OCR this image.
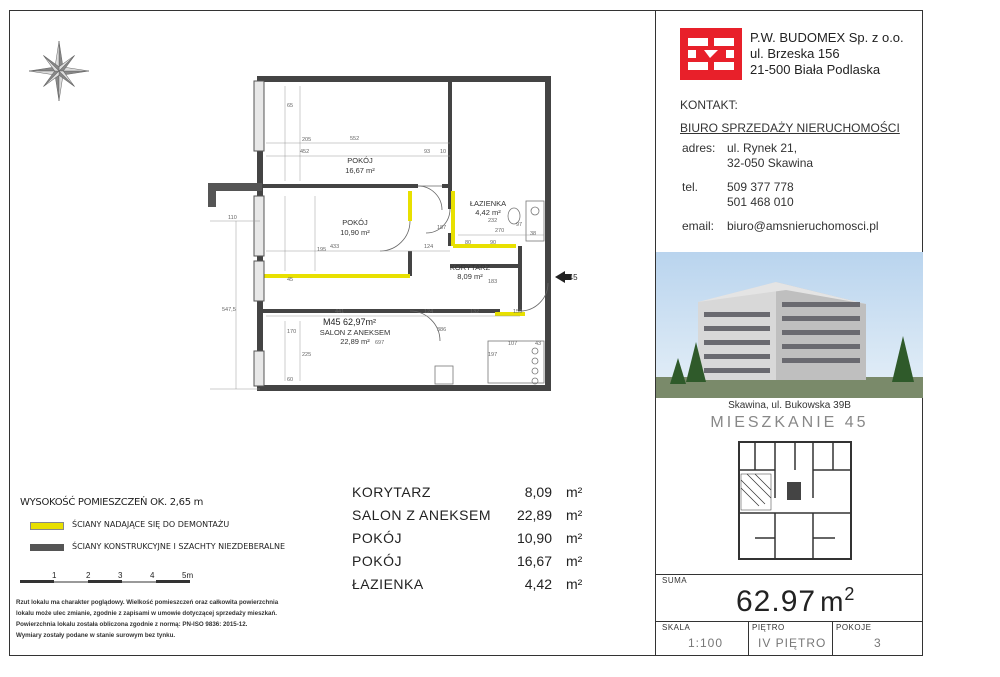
POKÓJ
16,67 m²
POKÓJ
10,90 m²
ŁAZIENKA
4,42 m²
KORYTARZ
8,09 m²
SALON Z ANEKSEM
22,89 m²
M45 62,97m²
M45
552
452	93 10
433	124
441	124	132	150
107	43
232
270
90
80
697
547,5
110
187
386
183
197
65
205
45
195
60
170
225
38
97
WYSOKOŚĆ POMIESZCZEŃ OK. 2,65 m
ŚCIANY NADAJĄCE SIĘ DO DEMONTAŻU
ŚCIANY KONSTRUKCYJNE I SZACHTY NIEZDEBERALNE
1	2	3	4	5m
Rzut lokalu ma charakter poglądowy. Wielkość pomieszczeń oraz całkowita powierzchnia
lokalu może ulec zmianie, zgodnie z zapisami w umowie dotyczącej sprzedaży mieszkań.
Powierzchnia lokalu została obliczona zgodnie z normą: PN-ISO 9836: 2015-12.
Wymiary zostały podane w stanie surowym bez tynku.
KORYTARZ	8,09 m²
SALON Z ANEKSEM	22,89 m²
POKÓJ	10,90 m²
POKÓJ	16,67 m²
ŁAZIENKA	4,42 m²
P.W. BUDOMEX Sp. z o.o.
ul. Brzeska 156
21-500 Biała Podlaska
KONTAKT:
BIURO SPRZEDAŻY NIERUCHOMOŚCI
adres: ul. Rynek 21,
32-050 Skawina
tel. 509 377 778
501 468 010
email: biuro@amsnieruchomosci.pl
Skawina, ul. Bukowska 39B
MIESZKANIE 45
SUMA
62.97 $m^2$
SKALA
1:100
PIĘTRO
IV PIĘTRO
POKOJE
3
